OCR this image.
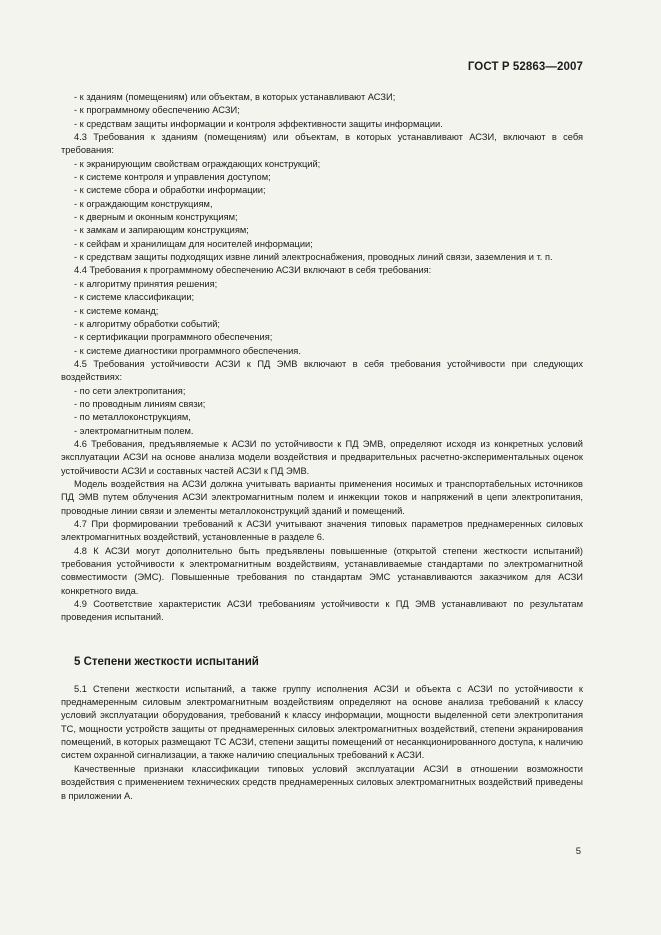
ГОСТ Р 52863—2007

- к зданиям (помещениям) или объектам, в которых устанавливают АСЗИ;

- к программному обеспечению АСЗИ;

- к средствам защиты информации и контроля эффективности защиты информации.

4.3 Требования к зданиям (помещениям) или объектам, в которых устанавливают АСЗИ, включают в себя требования:

- к экранирующим свойствам ограждающих конструкций;

- к системе контроля и управления доступом;

- к системе сбора и обработки информации;

- к ограждающим конструкциям,

- к дверным и оконным конструкциям;

- к замкам и запирающим конструкциям;

- к сейфам и хранилищам для носителей информации;

- к средствам защиты подходящих извне линий электроснабжения, проводных линий связи, заземления и т. п.

4.4 Требования к программному обеспечению АСЗИ включают в себя требования:

- к алгоритму принятия решения;

- к системе классификации;

- к системе команд;

- к алгоритму обработки событий;

- к сертификации программного обеспечения;

- к системе диагностики программного обеспечения.

4.5 Требования устойчивости АСЗИ к ПД ЭМВ включают в себя требования устойчивости при следующих воздействиях:

- по сети электропитания;

- по проводным линиям связи;

- по металлоконструкциям,

- электромагнитным полем.

4.6 Требования, предъявляемые к АСЗИ по устойчивости к ПД ЭМВ, определяют исходя из конкретных условий эксплуатации АСЗИ на основе анализа модели воздействия и предварительных расчетно-экспериментальных оценок устойчивости АСЗИ и составных частей АСЗИ к ПД ЭМВ.

Модель воздействия на АСЗИ должна учитывать варианты применения носимых и транспортабельных источников ПД ЭМВ путем облучения АСЗИ электромагнитным полем и инжекции токов и напряжений в цепи электропитания, проводные линии связи и элементы металлоконструкций зданий и помещений.

4.7 При формировании требований к АСЗИ учитывают значения типовых параметров преднамеренных силовых электромагнитных воздействий, установленные в разделе 6.

4.8 К АСЗИ могут дополнительно быть предъявлены повышенные (открытой степени жесткости испытаний) требования устойчивости к электромагнитным воздействиям, устанавливаемые стандартами по электромагнитной совместимости (ЭМС). Повышенные требования по стандартам ЭМС устанавливаются заказчиком для АСЗИ конкретного вида.

4.9 Соответствие характеристик АСЗИ требованиям устойчивости к ПД ЭМВ устанавливают по результатам проведения испытаний.

5 Степени жесткости испытаний

5.1 Степени жесткости испытаний, а также группу исполнения АСЗИ и объекта с АСЗИ по устойчивости к преднамеренным силовым электромагнитным воздействиям определяют на основе анализа требований к классу условий эксплуатации оборудования, требований к классу информации, мощности выделенной сети электропитания ТС, мощности устройств защиты от преднамеренных силовых электромагнитных воздействий, степени экранирования помещений, в которых размещают ТС АСЗИ, степени защиты помещений от несанкционированного доступа, к наличию систем охранной сигнализации, а также наличию специальных требований к АСЗИ.

Качественные признаки классификации типовых условий эксплуатации АСЗИ в отношении возможности воздействия с применением технических средств преднамеренных силовых электромагнитных воздействий приведены в приложении А.

5
